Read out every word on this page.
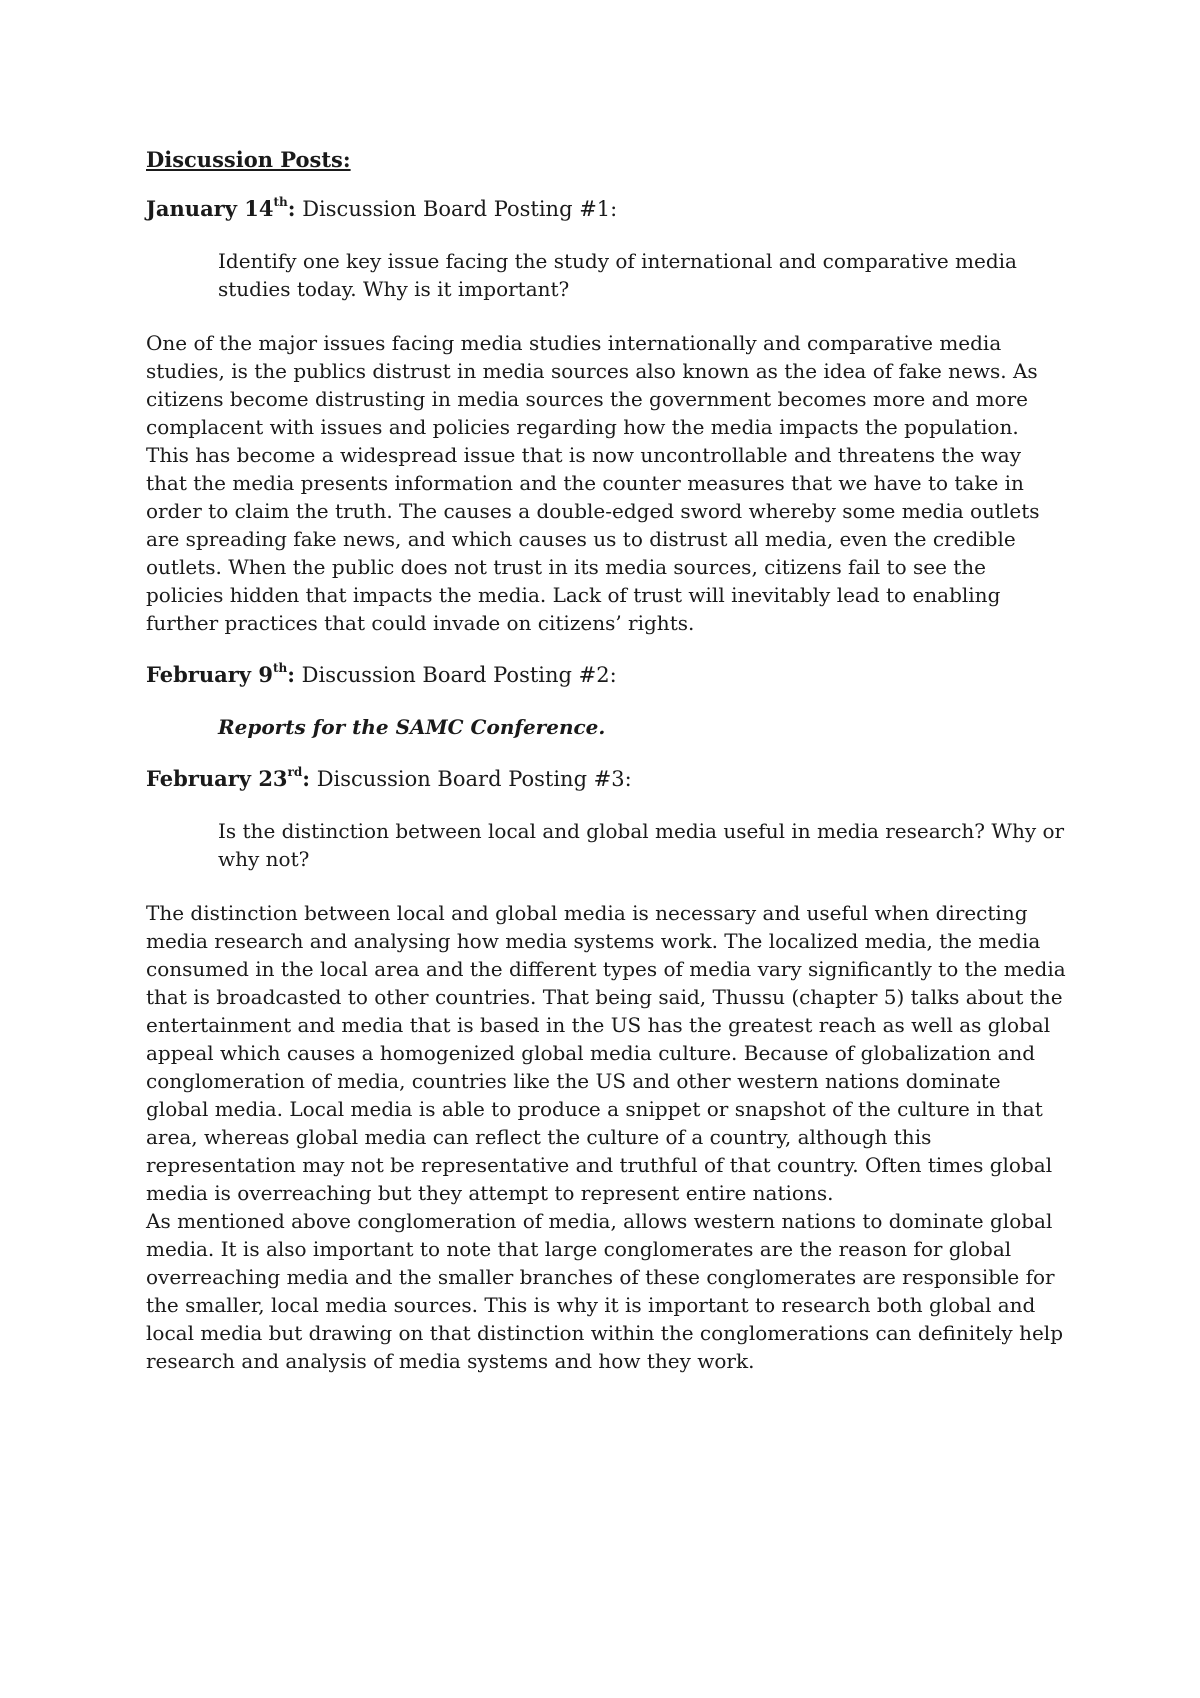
Discussion Posts:

January 14th: Discussion Board Posting #1:

Identify one key issue facing the study of international and comparative media studies today. Why is it important?

One of the major issues facing media studies internationally and comparative media studies, is the publics distrust in media sources also known as the idea of fake news. As citizens become distrusting in media sources the government becomes more and more complacent with issues and policies regarding how the media impacts the population. This has become a widespread issue that is now uncontrollable and threatens the way that the media presents information and the counter measures that we have to take in order to claim the truth. The causes a double-edged sword whereby some media outlets are spreading fake news, and which causes us to distrust all media, even the credible outlets. When the public does not trust in its media sources, citizens fail to see the policies hidden that impacts the media. Lack of trust will inevitably lead to enabling further practices that could invade on citizens’ rights.

February 9th: Discussion Board Posting #2:

Reports for the SAMC Conference.

February 23rd: Discussion Board Posting #3:

Is the distinction between local and global media useful in media research? Why or why not?

The distinction between local and global media is necessary and useful when directing media research and analysing how media systems work. The localized media, the media consumed in the local area and the different types of media vary significantly to the media that is broadcasted to other countries. That being said, Thussu (chapter 5) talks about the entertainment and media that is based in the US has the greatest reach as well as global appeal which causes a homogenized global media culture. Because of globalization and conglomeration of media, countries like the US and other western nations dominate global media. Local media is able to produce a snippet or snapshot of the culture in that area, whereas global media can reflect the culture of a country, although this representation may not be representative and truthful of that country. Often times global media is overreaching but they attempt to represent entire nations.

As mentioned above conglomeration of media, allows western nations to dominate global media. It is also important to note that large conglomerates are the reason for global overreaching media and the smaller branches of these conglomerates are responsible for the smaller, local media sources. This is why it is important to research both global and local media but drawing on that distinction within the conglomerations can definitely help research and analysis of media systems and how they work.
